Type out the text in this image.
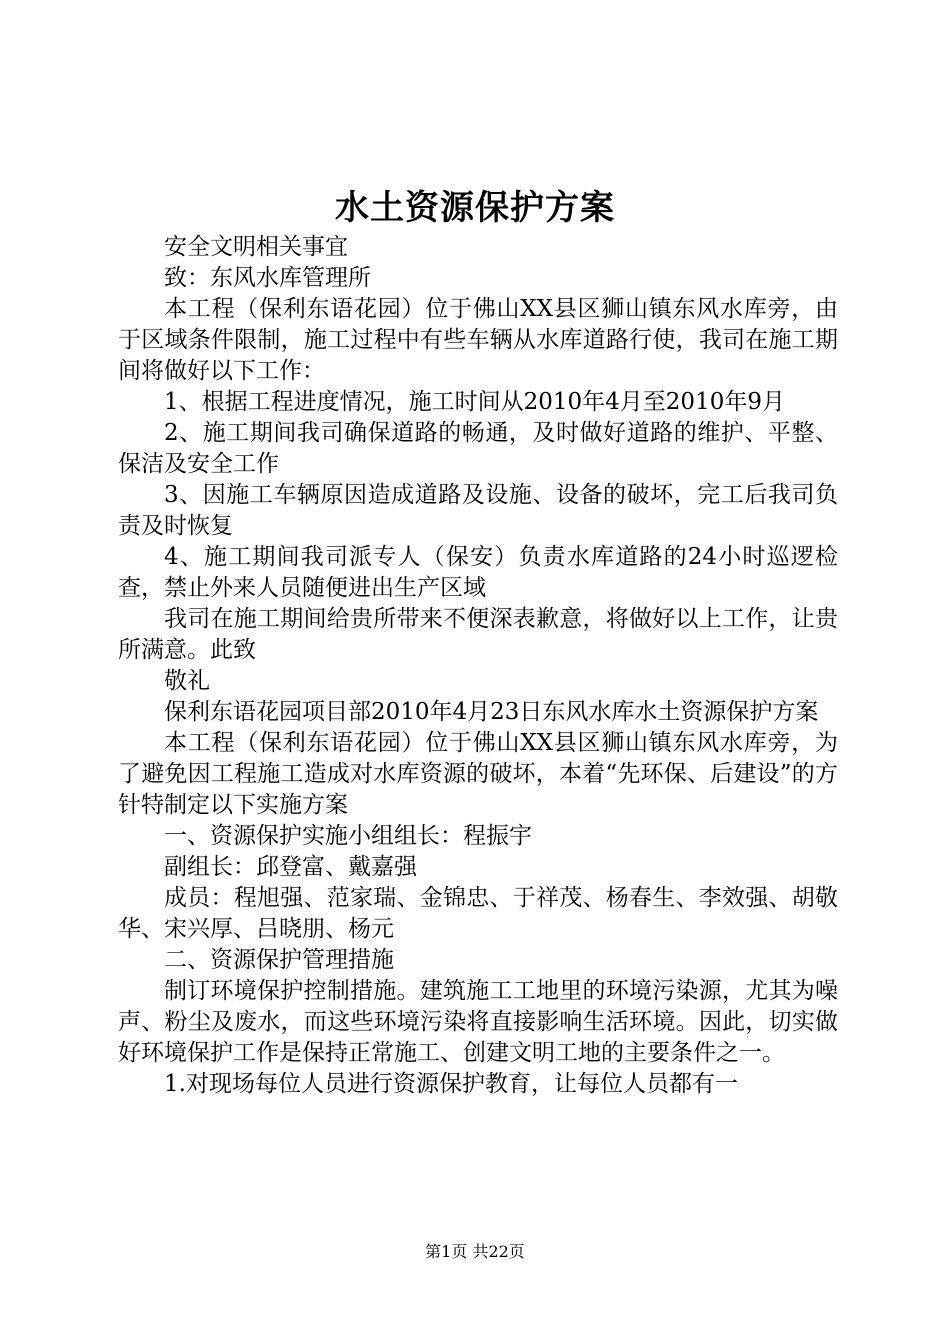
水土资源保护方案

安全文明相关事宜

致：东风水库管理所

本工程（保利东语花园）位于佛山XX县区狮山镇东风水库旁，由于区域条件限制，施工过程中有些车辆从水库道路行使，我司在施工期间将做好以下工作：

1、根据工程进度情况，施工时间从2010年4月至2010年9月

2、施工期间我司确保道路的畅通，及时做好道路的维护、平整、保洁及安全工作

3、因施工车辆原因造成道路及设施、设备的破坏，完工后我司负责及时恢复

4、施工期间我司派专人（保安）负责水库道路的24小时巡逻检查，禁止外来人员随便进出生产区域

我司在施工期间给贵所带来不便深表歉意，将做好以上工作，让贵所满意。此致

敬礼

保利东语花园项目部2010年4月23日东风水库水土资源保护方案

本工程（保利东语花园）位于佛山XX县区狮山镇东风水库旁，为了避免因工程施工造成对水库资源的破坏，本着“先环保、后建设”的方针特制定以下实施方案

一、资源保护实施小组组长：程振宇

副组长：邱登富、戴嘉强

成员：程旭强、范家瑞、金锦忠、于祥茂、杨春生、李效强、胡敬华、宋兴厚、吕晓朋、杨元

二、资源保护管理措施

制订环境保护控制措施。建筑施工工地里的环境污染源，尤其为噪声、粉尘及废水，而这些环境污染将直接影响生活环境。因此，切实做好环境保护工作是保持正常施工、创建文明工地的主要条件之一。

1.对现场每位人员进行资源保护教育，让每位人员都有一

第1页 共22页
